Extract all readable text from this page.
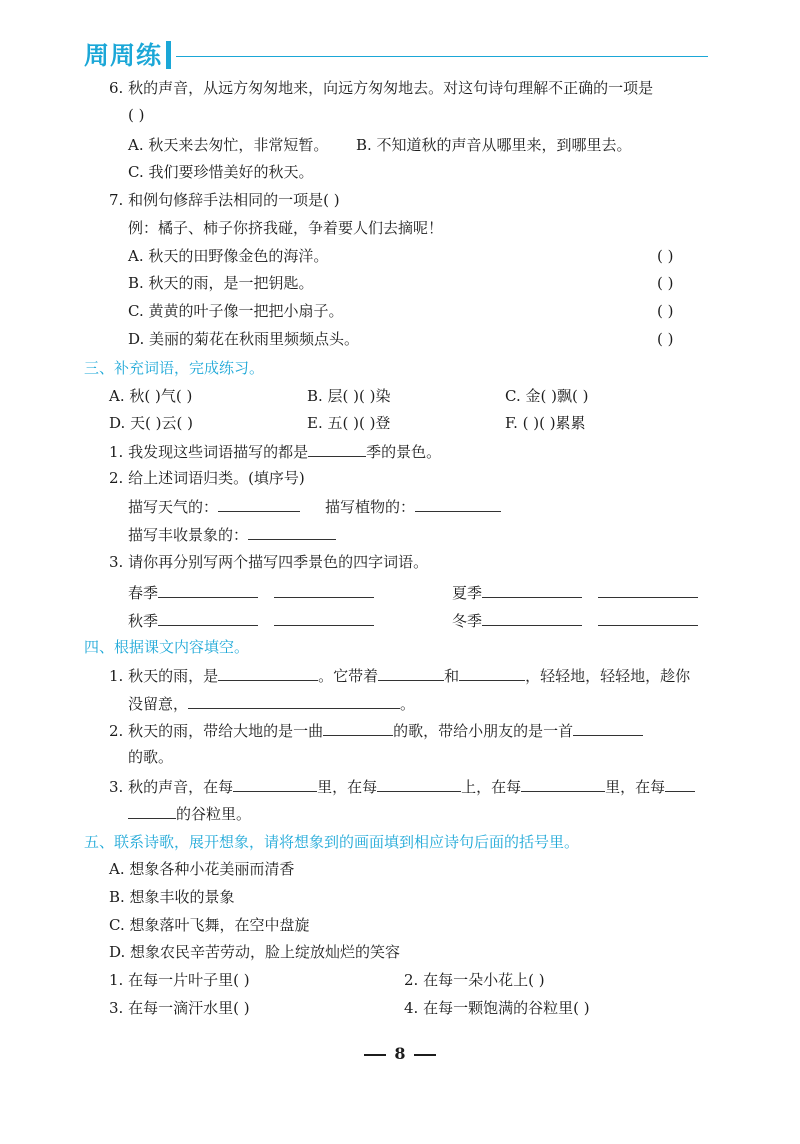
周周练
6. 秋的声音，从远方匆匆地来，向远方匆匆地去。对这句诗句理解不正确的一项是
( )
A. 秋天来去匆忙，非常短暂。 B. 不知道秋的声音从哪里来，到哪里去。
C. 我们要珍惜美好的秋天。
7. 和例句修辞手法相同的一项是( )
例：橘子、柿子你挤我碰，争着要人们去摘呢！
A. 秋天的田野像金色的海洋。	( )
B. 秋天的雨，是一把钥匙。	( )
C. 黄黄的叶子像一把把小扇子。	( )
D. 美丽的菊花在秋雨里频频点头。	( )
三、补充词语，完成练习。
A. 秋( )气( )	B. 层( )( )染	C. 金( )飘( )
D. 天( )云( )	E. 五( )( )登	F. ( )( )累累
1. 我发现这些词语描写的都是	季的景色。
2. 给上述词语归类。(填序号)
描写天气的：	描写植物的：
描写丰收景象的：
3. 请你再分别写两个描写四季景色的四字词语。
春季	夏季
秋季	冬季
四、根据课文内容填空。
1. 秋天的雨，是	。它带着	和	，轻轻地，轻轻地，趁你
没留意，	。
2. 秋天的雨，带给大地的是一曲	的歌，带给小朋友的是一首
的歌。
3. 秋的声音，在每	里，在每	上，在每	里，在每
的谷粒里。
五、联系诗歌，展开想象，请将想象到的画面填到相应诗句后面的括号里。
A. 想象各种小花美丽而清香
B. 想象丰收的景象
C. 想象落叶飞舞，在空中盘旋
D. 想象农民辛苦劳动，脸上绽放灿烂的笑容
1. 在每一片叶子里( )	2. 在每一朵小花上( )
3. 在每一滴汗水里( )	4. 在每一颗饱满的谷粒里( )
8
